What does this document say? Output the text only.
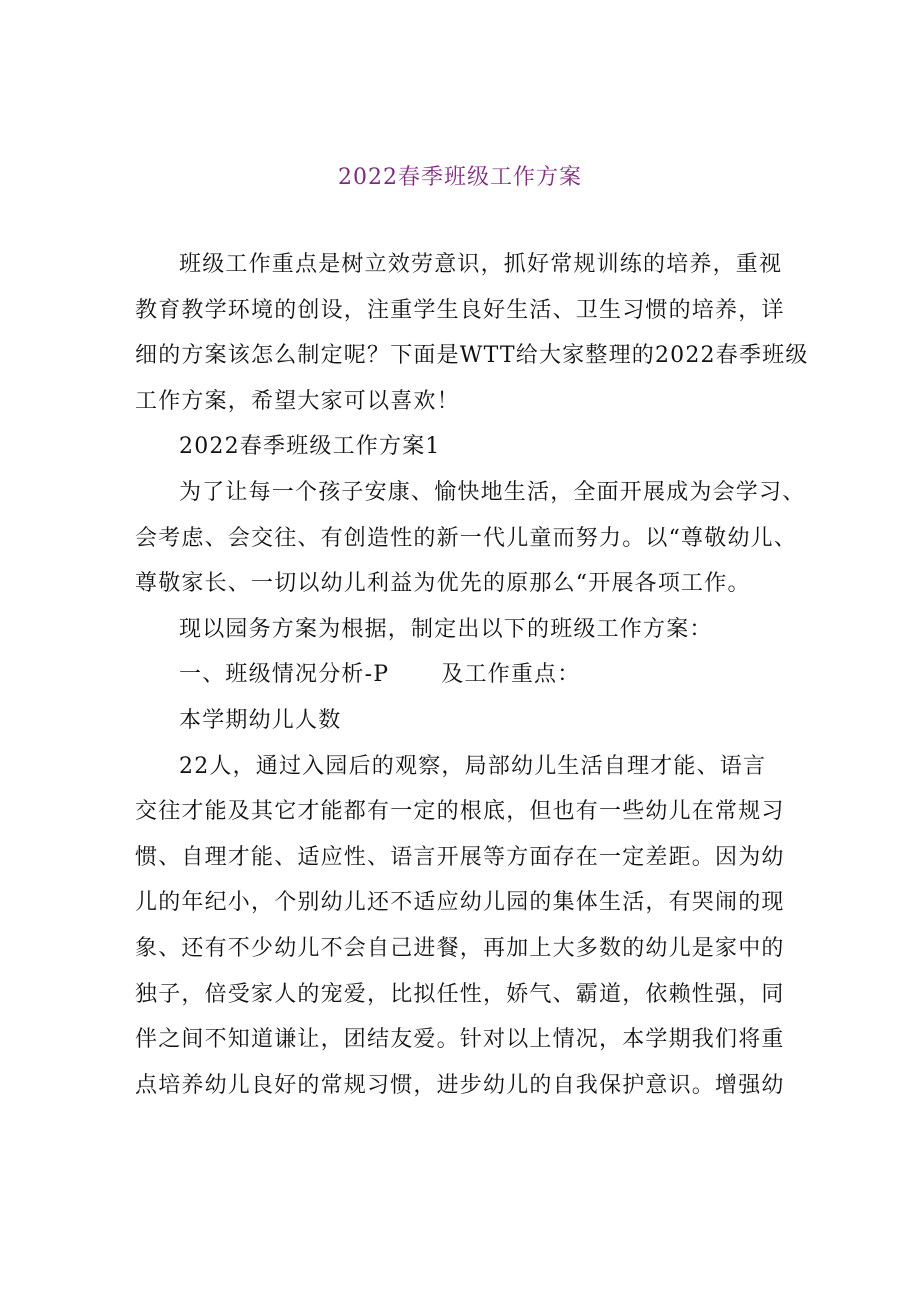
2022春季班级工作方案
班级工作重点是树立效劳意识，抓好常规训练的培养，重视
教育教学环境的创设，注重学生良好生活、卫生习惯的培养，详
细的方案该怎么制定呢？下面是WTT给大家整理的2022春季班级
工作方案，希望大家可以喜欢！
2022春季班级工作方案1
为了让每一个孩子安康、愉快地生活，全面开展成为会学习、
会考虑、会交往、有创造性的新一代儿童而努力。以“尊敬幼儿、
尊敬家长、一切以幼儿利益为优先的原那么“开展各项工作。
现以园务方案为根据，制定出以下的班级工作方案：
一、班级情况分析-P 及工作重点：
本学期幼儿人数
22人，通过入园后的观察，局部幼儿生活自理才能、语言
交往才能及其它才能都有一定的根底，但也有一些幼儿在常规习
惯、自理才能、适应性、语言开展等方面存在一定差距。因为幼
儿的年纪小，个别幼儿还不适应幼儿园的集体生活，有哭闹的现
象、还有不少幼儿不会自己进餐，再加上大多数的幼儿是家中的
独子，倍受家人的宠爱，比拟任性，娇气、霸道，依赖性强，同
伴之间不知道谦让，团结友爱。针对以上情况，本学期我们将重
点培养幼儿良好的常规习惯，进步幼儿的自我保护意识。增强幼
